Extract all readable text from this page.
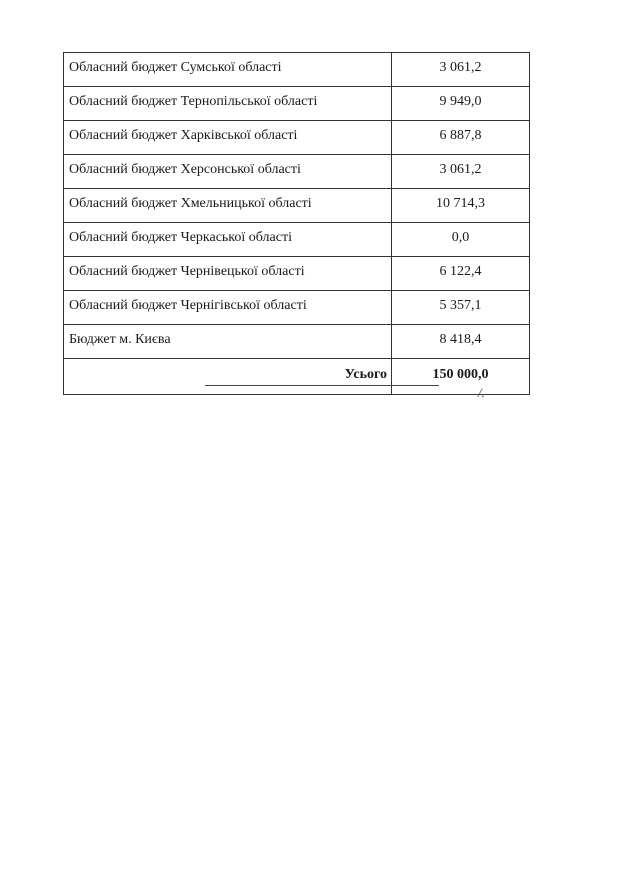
Обласний бюджет Сумської області	3 061,2
Обласний бюджет Тернопільської області	9 949,0
Обласний бюджет Харківської області	6 887,8
Обласний бюджет Херсонської області	3 061,2
Обласний бюджет Хмельницької області	10 714,3
Обласний бюджет Черкаської області	0,0
Обласний бюджет Чернівецької області	6 122,4
Обласний бюджет Чернігівської області	5 357,1
Бюджет м. Києва	8 418,4
Усього	150 000,0
/.
